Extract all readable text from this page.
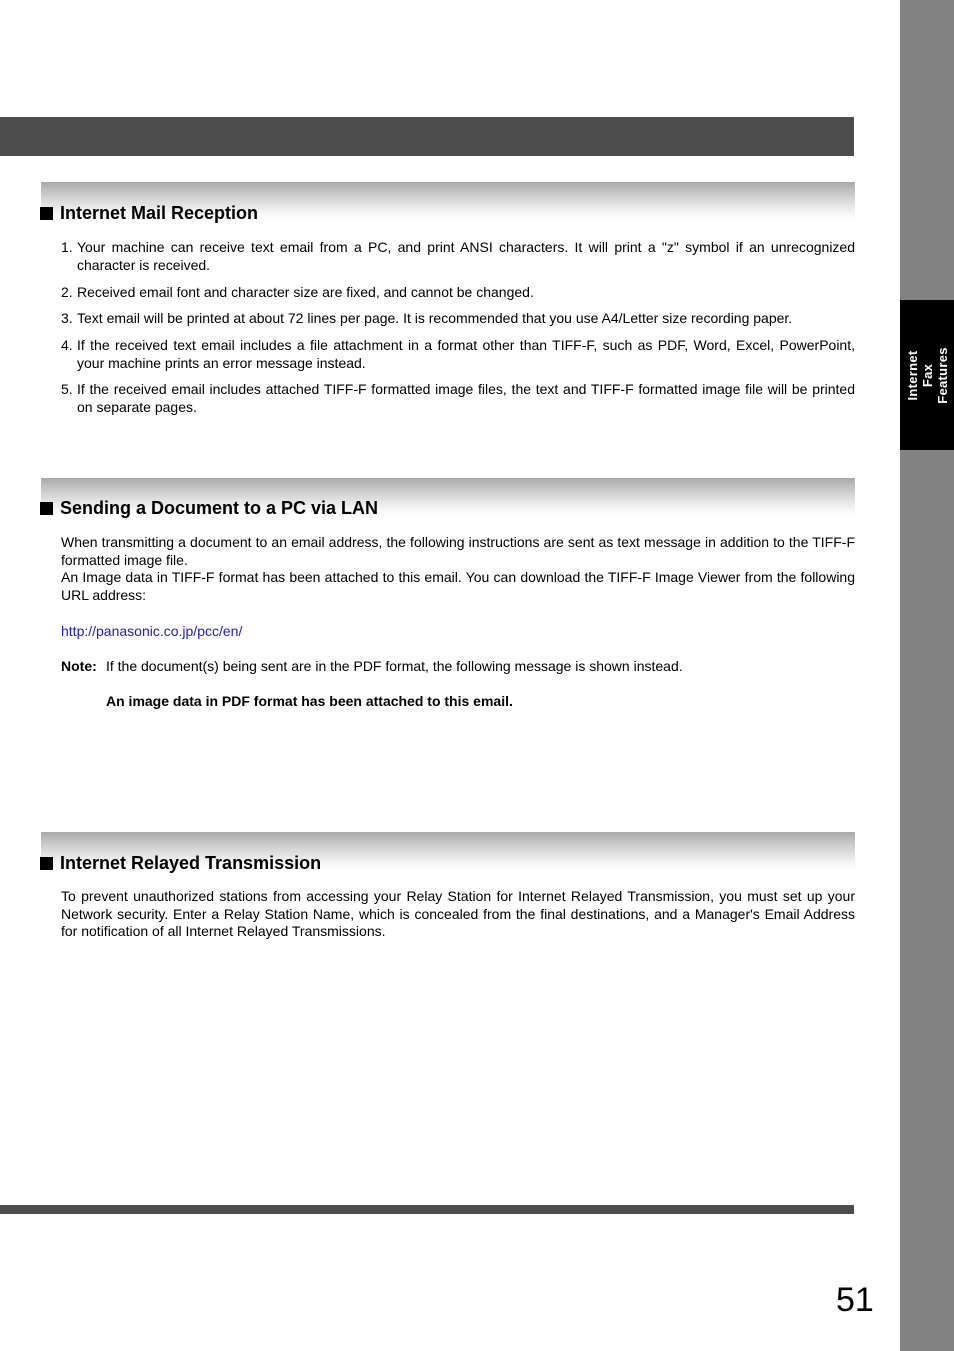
Internet Fax
Features
Internet Mail Reception
1. Your machine can receive text email from a PC, and print ANSI characters. It will print a "z" symbol if an unrecognized character is received.
2. Received email font and character size are fixed, and cannot be changed.
3. Text email will be printed at about 72 lines per page. It is recommended that you use A4/Letter size recording paper.
4. If the received text email includes a file attachment in a format other than TIFF-F, such as PDF, Word, Excel, PowerPoint, your machine prints an error message instead.
5. If the received email includes attached TIFF-F formatted image files, the text and TIFF-F formatted image file will be printed on separate pages.
Sending a Document to a PC via LAN

When transmitting a document to an email address, the following instructions are sent as text message in addition to the TIFF-F formatted image file.

An Image data in TIFF-F format has been attached to this email. You can download the TIFF-F Image Viewer from the following URL address:

http://panasonic.co.jp/pcc/en/
Note: If the document(s) being sent are in the PDF format, the following message is shown instead.
An image data in PDF format has been attached to this email.
Internet Relayed Transmission

To prevent unauthorized stations from accessing your Relay Station for Internet Relayed Transmission, you must set up your Network security. Enter a Relay Station Name, which is concealed from the final destinations, and a Manager's Email Address for notification of all Internet Relayed Transmissions.

51
